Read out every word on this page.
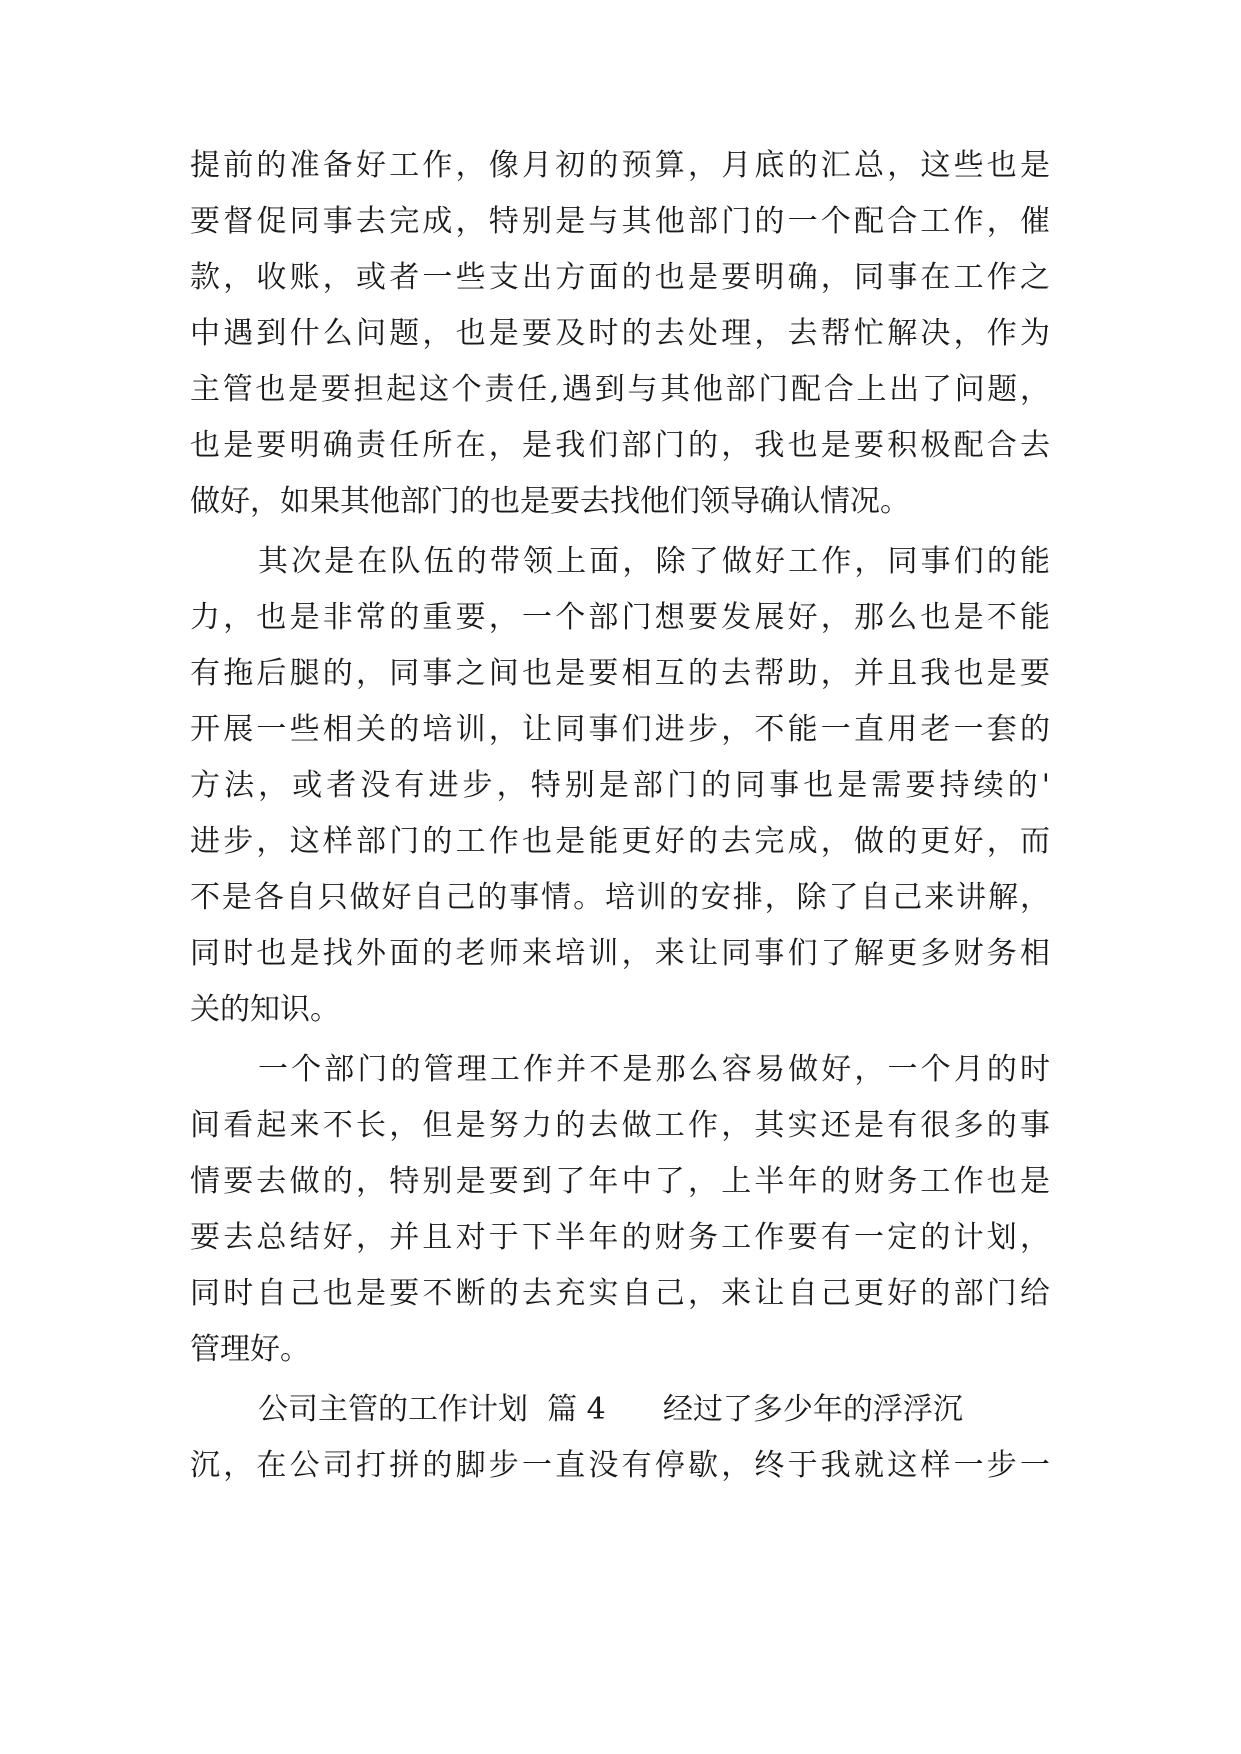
提前的准备好工作，像月初的预算，月底的汇总，这些也是
要督促同事去完成，特别是与其他部门的一个配合工作，催
款，收账，或者一些支出方面的也是要明确，同事在工作之
中遇到什么问题，也是要及时的去处理，去帮忙解决，作为
主管也是要担起这个责任,遇到与其他部门配合上出了问题，
也是要明确责任所在，是我们部门的，我也是要积极配合去
做好，如果其他部门的也是要去找他们领导确认情况。
其次是在队伍的带领上面，除了做好工作，同事们的能
力，也是非常的重要，一个部门想要发展好，那么也是不能
有拖后腿的，同事之间也是要相互的去帮助，并且我也是要
开展一些相关的培训，让同事们进步，不能一直用老一套的
方法，或者没有进步，特别是部门的同事也是需要持续的'
进步，这样部门的工作也是能更好的去完成，做的更好，而
不是各自只做好自己的事情。培训的安排，除了自己来讲解，
同时也是找外面的老师来培训，来让同事们了解更多财务相
关的知识。
一个部门的管理工作并不是那么容易做好，一个月的时
间看起来不长，但是努力的去做工作，其实还是有很多的事
情要去做的，特别是要到了年中了，上半年的财务工作也是
要去总结好，并且对于下半年的财务工作要有一定的计划，
同时自己也是要不断的去充实自己，来让自己更好的部门给
管理好。
公司主管的工作计划  篇 4      经过了多少年的浮浮沉
沉，在公司打拼的脚步一直没有停歇，终于我就这样一步一
